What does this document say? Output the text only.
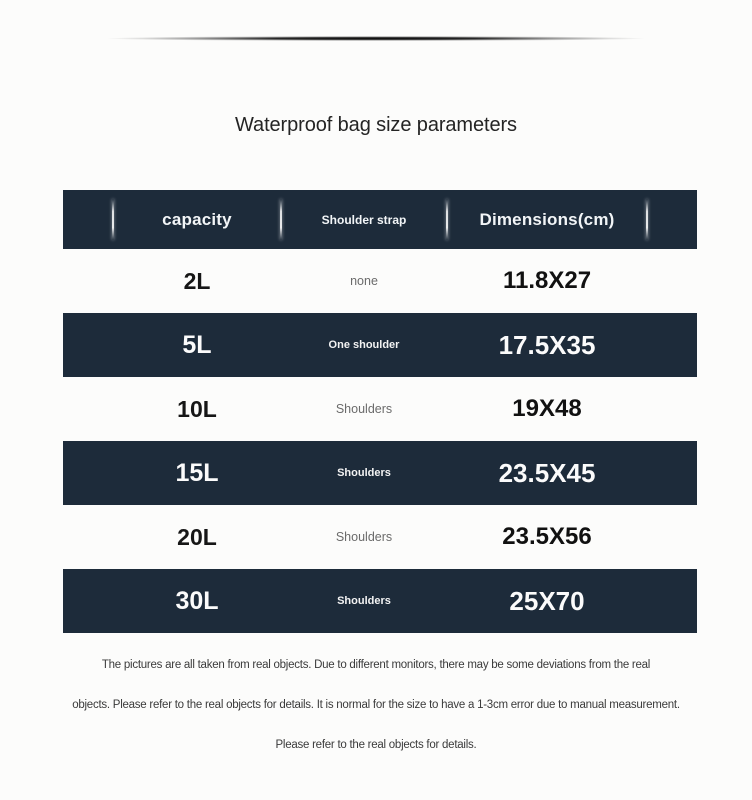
Waterproof bag size parameters
capacity	Shoulder strap	Dimensions(cm)
2L	none	11.8X27
5L	One shoulder	17.5X35
10L	Shoulders	19X48
15L	Shoulders	23.5X45
20L	Shoulders	23.5X56
30L	Shoulders	25X70

The pictures are all taken from real objects. Due to different monitors, there may be some deviations from the real

objects. Please refer to the real objects for details. It is normal for the size to have a 1-3cm error due to manual measurement.

Please refer to the real objects for details.
